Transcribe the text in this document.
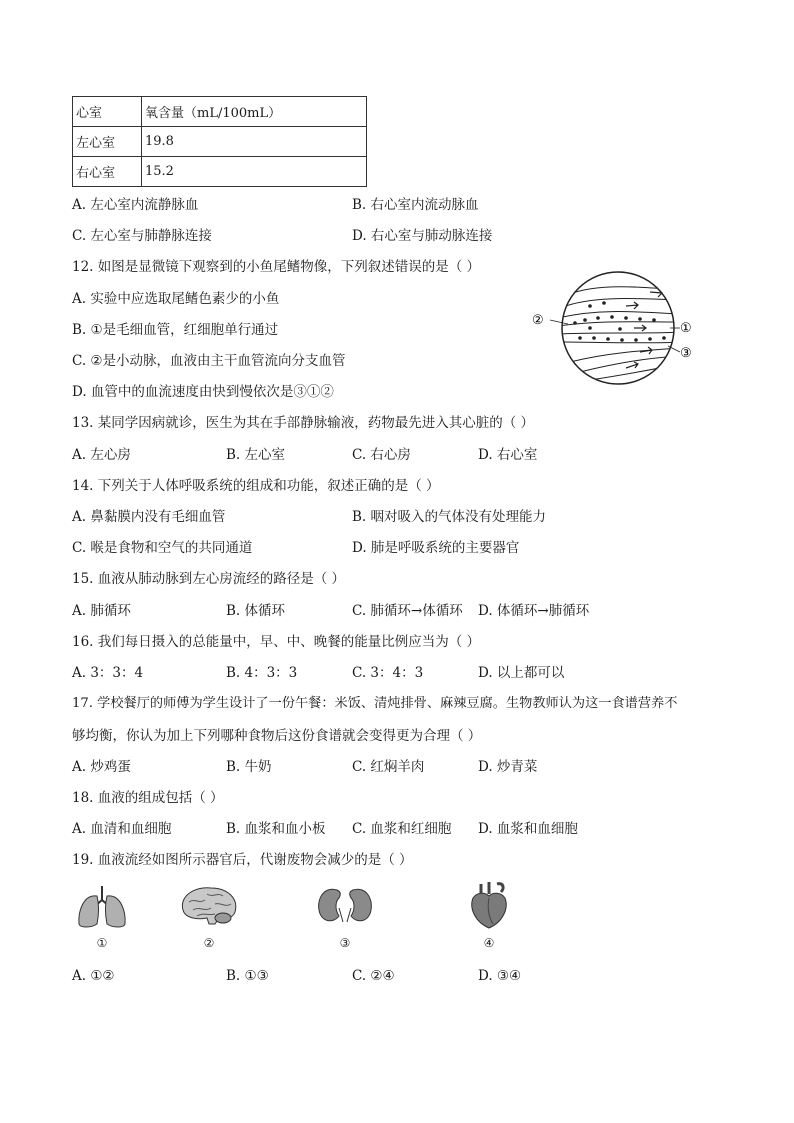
心室	氧含量（mL/100mL）
左心室	19.8
右心室	15.2
A. 左心室内流静脉血	B. 右心室内流动脉血
C. 左心室与肺静脉连接	D. 右心室与肺动脉连接
12. 如图是显微镜下观察到的小鱼尾鳍物像，下列叙述错误的是（ ）
A. 实验中应选取尾鳍色素少的小鱼
B. ①是毛细血管，红细胞单行通过
C. ②是小动脉，血液由主干血管流向分支血管
D. 血管中的血流速度由快到慢依次是③①②
②
①
③
13. 某同学因病就诊，医生为其在手部静脉输液，药物最先进入其心脏的（ ）
A. 左心房	B. 左心室	C. 右心房	D. 右心室
14. 下列关于人体呼吸系统的组成和功能，叙述正确的是（ ）
A. 鼻黏膜内没有毛细血管	B. 咽对吸入的气体没有处理能力
C. 喉是食物和空气的共同通道	D. 肺是呼吸系统的主要器官
15. 血液从肺动脉到左心房流经的路径是（ ）
A. 肺循环	B. 体循环	C. 肺循环→体循环 D. 体循环→肺循环
16. 我们每日摄入的总能量中，早、中、晚餐的能量比例应当为（ ）
A. 3：3：4	B. 4：3：3	C. 3：4：3	D. 以上都可以
17. 学校餐厅的师傅为学生设计了一份午餐：米饭、清炖排骨、麻辣豆腐。生物教师认为这一食谱营养不
够均衡，你认为加上下列哪种食物后这份食谱就会变得更为合理（ ）
A. 炒鸡蛋	B. 牛奶	C. 红焖羊肉	D. 炒青菜
18. 血液的组成包括（ ）
A. 血清和血细胞	B. 血浆和血小板 C. 血浆和红细胞 D. 血浆和血细胞
19. 血液流经如图所示器官后，代谢废物会减少的是（ ）
①	②	③	④
A. ①②	B. ①③	C. ②④	D. ③④
